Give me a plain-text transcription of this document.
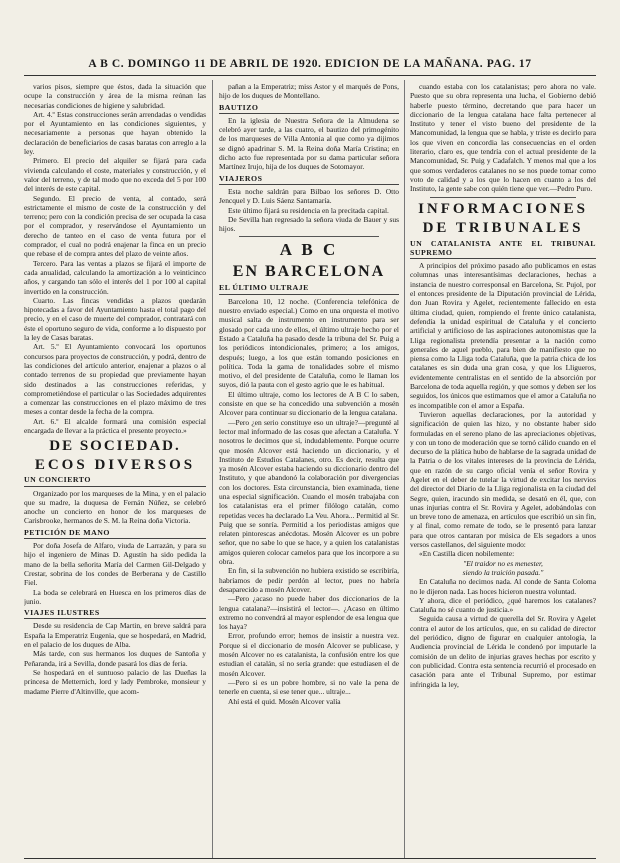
A B C. DOMINGO 11 DE ABRIL DE 1920. EDICION DE LA MAÑANA. PAG. 17

varios pisos, siempre que éstos, dada la situación que ocupe la construcción y área de la misma reúnan las necesarias condiciones de higiene y salubridad.

Art. 4.º Estas construcciones serán arrendadas o vendidas por el Ayuntamiento en las condiciones siguientes, y necesariamente a personas que hayan obtenido la declaración de beneficiarios de casas baratas con arreglo a la ley.

Primero. El precio del alquiler se fijará para cada vivienda calculando el coste, materiales y construcción, y el valor del terreno, y de tal modo que no exceda del 5 por 100 del interés de este capital.

Segundo. El precio de venta, al contado, será estrictamente el mismo de coste de la construcción y del terreno; pero con la condición precisa de ser ocupada la casa por el comprador, y reservándose el Ayuntamiento un derecho de tanteo en el caso de venta futura por el comprador, el cual no podrá enajenar la finca en un precio que rebase el de compra antes del plazo de veinte años.

Tercero. Para las ventas a plazos se fijará el importe de cada anualidad, calculando la amortización a lo veinticinco años, y cargando tan sólo el interés del 1 por 100 al capital invertido en la construcción.

Cuarto. Las fincas vendidas a plazos quedarán hipotecadas a favor del Ayuntamiento hasta el total pago del precio, y en el caso de muerte del comprador, contratará con éste el oportuno seguro de vida, conforme a lo dispuesto por la ley de Casas baratas.

Art. 5.º El Ayuntamiento convocará los oportunos concursos para proyectos de construcción, y podrá, dentro de las condiciones del artículo anterior, enajenar a plazos o al contado terrenos de su propiedad que previamente hayan sido destinados a las construcciones referidas, y comprometiéndose el particular o las Sociedades adquirentes a comenzar las construcciones en el plazo máximo de tres meses a contar desde la fecha de la compra.

Art. 6.º El alcalde formará una comisión especial encargada de llevar a la práctica el presente proyecto.»

DE SOCIEDAD.
ECOS DIVERSOS
UN CONCIERTO

Organizado por los marqueses de la Mina, y en el palacio que su madre, la duquesa de Fernán Núñez, se celebró anoche un concierto en honor de los marqueses de Carisbrooke, hermanos de S. M. la Reina doña Victoria.

PETICIÓN DE MANO

Por doña Josefa de Alfaro, viuda de Larrazán, y para su hijo el ingeniero de Minas D. Agustín ha sido pedida la mano de la bella señorita María del Carmen Gil-Delgado y Crestar, sobrina de los condes de Berberana y de Castillo Fiel.

La boda se celebrará en Huesca en los primeros días de junio.

VIAJES ILUSTRES

Desde su residencia de Cap Martin, en breve saldrá para España la Emperatriz Eugenia, que se hospedará, en Madrid, en el palacio de los duques de Alba.

Más tarde, con sus hermanos los duques de Santoña y Peñaranda, irá a Sevilla, donde pasará los días de feria.

Se hospedará en el suntuoso palacio de las Dueñas la princesa de Metternich, lord y lady Pembroke, monsieur y madame Pierre d'Altinville, que acom-

pañan a la Emperatriz; miss Astor y el marqués de Pons, hijo de los duques de Montellano.

BAUTIZO

En la iglesia de Nuestra Señora de la Almudena se celebró ayer tarde, a las cuatro, el bautizo del primogénito de los marqueses de Villa Antonia al que como ya dijimos se dignó apadrinar S. M. la Reina doña María Cristina; en dicho acto fue representada por su dama particular señora Martínez Irujo, hija de los duques de Sotomayor.

VIAJEROS

Esta noche saldrán para Bilbao los señores D. Otto Jencquel y D. Luis Sáenz Santamaría.

Este último fijará su residencia en la precitada capital.

De Sevilla han regresado la señora viuda de Bauer y sus hijos.

A B C
EN BARCELONA
EL ÚLTIMO ULTRAJE

Barcelona 10, 12 noche. (Conferencia telefónica de nuestro enviado especial.) Como en una orquesta el motivo musical salta de instrumento en instrumento para ser glosado por cada uno de ellos, el último ultraje hecho por el Estado a Cataluña ha pasado desde la tribuna del Sr. Puig a los periódicos intondicionales, primero; a los amigos, después; luego, a los que están tomando posiciones en política. Toda la gama de tonalidades sobre el mismo motivo, el del presidente de Cataluña, como le llaman los suyos, dió la pauta con el gesto agrio que le es habitual.

El último ultraje, como los lectores de A B C lo saben, consiste en que se ha concedido una subvención a mosén Alcover para continuar su diccionario de la lengua catalana.

—Pero ¿en serio constituye eso un ultraje?—pregunté al lector mal informado de las cosas que afectan a Cataluña. Y nosotros le decimos que sí, indudablemente. Porque ocurre que mosén Alcover está haciendo un diccionario, y el Instituto de Estudios Catalanes, otro. Es decir, resulta que ya mosén Alcover estaba haciendo su diccionario dentro del Instituto, y que abandonó la colaboración por divergencias con los doctores. Esta circunstancia, bien examinada, tiene una especial significación. Cuando el mosén trabajaba con los catalanistas era el primer filólogo catalán, como repetidas veces ha declarado La Veu. Ahora... Permitid al Sr. Puig que se sonría. Permitid a los periodistas amigos que relaten pintorescas anécdotas. Mosén Alcover es un pobre señor, que no sabe lo que se hace, y a quien los catalanistas amigos quieren colocar camelos para que los incorpore a su obra.

En fin, si la subvención no hubiera existido se escribiría, habríamos de pedir perdón al lector, pues no habría desaparecido a mosén Alcover.

—Pero ¿acaso no puede haber dos diccionarios de la lengua catalana?—insistirá el lector—. ¿Acaso en último extremo no convendrá al mayor esplendor de esa lengua que los haya?

Error, profundo error; hemos de insistir a nuestra vez. Porque si el diccionario de mosén Alcover se publicase, y mosén Alcover no es catalanista, la confusión entre los que estudian el catalán, sí no sería grande: que estudiasen el de mosén Alcover.

—Pero si es un pobre hombre, si no vale la pena de tenerle en cuenta, si ese tener que... ultraje...

Ahí está el quid. Mosén Alcover valía

cuando estaba con los catalanistas; pero ahora no vale. Puesto que su obra representa una lucha, el Gobierno debió haberle puesto término, decretando que para hacer un diccionario de la lengua catalana hace falta pertenecer al Instituto y tener el visto bueno del presidente de la Mancomunidad, la lengua que se habla, y triste es decirlo para los que viven en concordia las consecuencias en el orden literario, claro es, que tendría con el actual presidente de la Mancomunidad, Sr. Puig y Cadafalch. Y menos mal que a los que somos verdaderos catalanes no se nos puede tomar como voto de calidad y a los que lo hacen en cuanto a los del Instituto, la gente sabe con quién tiene que ver.—Pedro Puro.

INFORMACIONES
DE TRIBUNALES
UN CATALANISTA ANTE EL TRIBUNAL SUPREMO

A principios del próximo pasado año publicamos en estas columnas unas interesantísimas declaraciones, hechas a instancia de nuestro corresponsal en Barcelona, Sr. Pujol, por el entonces presidente de la Diputación provincial de Lérida, don Juan Rovira y Agelet, recientemente fallecido en esta última ciudad, quien, rompiendo el frente único catalanista, defendía la unidad espiritual de Cataluña y el concierto artificial y artificioso de las aspiraciones autonomistas que la Lliga regionalista pretendía presentar a la nación como generales de aquel pueblo, para bien de manifiesto que no piensa como la Lliga toda Cataluña, que la patria chica de los catalanes es sin duda una gran cosa, y que los Lligueros, evidentemente centralistas en el sentido de la absorción por Barcelona de toda aquella región, y que somos y deben ser los seguidos, los únicos que estimamos que el amor a Cataluña no es incompatible con el amor a España.

Tuvieron aquellas declaraciones, por la autoridad y significación de quien las hizo, y no obstante haber sido formuladas en el sereno plano de las apreciaciones objetivas, y con un tono de moderación que se tornó cálido cuando en el decurso de la plática hubo de hablarse de la sagrada unidad de la Patria o de los vitales intereses de la provincia de Lérida, que en razón de su cargo oficial venía el señor Rovira y Agelet en el deber de tutelar la virtud de excitar los nervios del director del Diario de la Lliga regionalista en la ciudad del Segre, quien, iracundo sin medida, se desató en él, que, con unas injurias contra el Sr. Rovira y Agelet, adobándolas con un breve tono de amenaza, en artículos que escribió un sin fin, y al final, como remate de todo, se le presentó para lanzar para que otros cantaran por música de Els segadors a unos versos castellanos, del siguiente modo:

«En Castilla dicen nobilemente:

"El traidor no es menester,

siendo la traición pasada."

En Cataluña no decimos nada. Al conde de Santa Coloma no le dijeron nada. Las hoces hicieron nuestra voluntad.

Y ahora, dice el periódico, ¿qué haremos los catalanes? Cataluña no sé cuanto de justicia.»

Seguida causa a virtud de querella del Sr. Rovira y Agelet contra el autor de los artículos, que, en su calidad de director del periódico, digno de figurar en cualquier antología, la Audiencia provincial de Lérida le condenó por imputarle la comisión de un delito de injurias graves hechas por escrito y con publicidad. Contra esta sentencia recurrió el procesado en casación para ante el Tribunal Supremo, por estimar infringida la ley,
